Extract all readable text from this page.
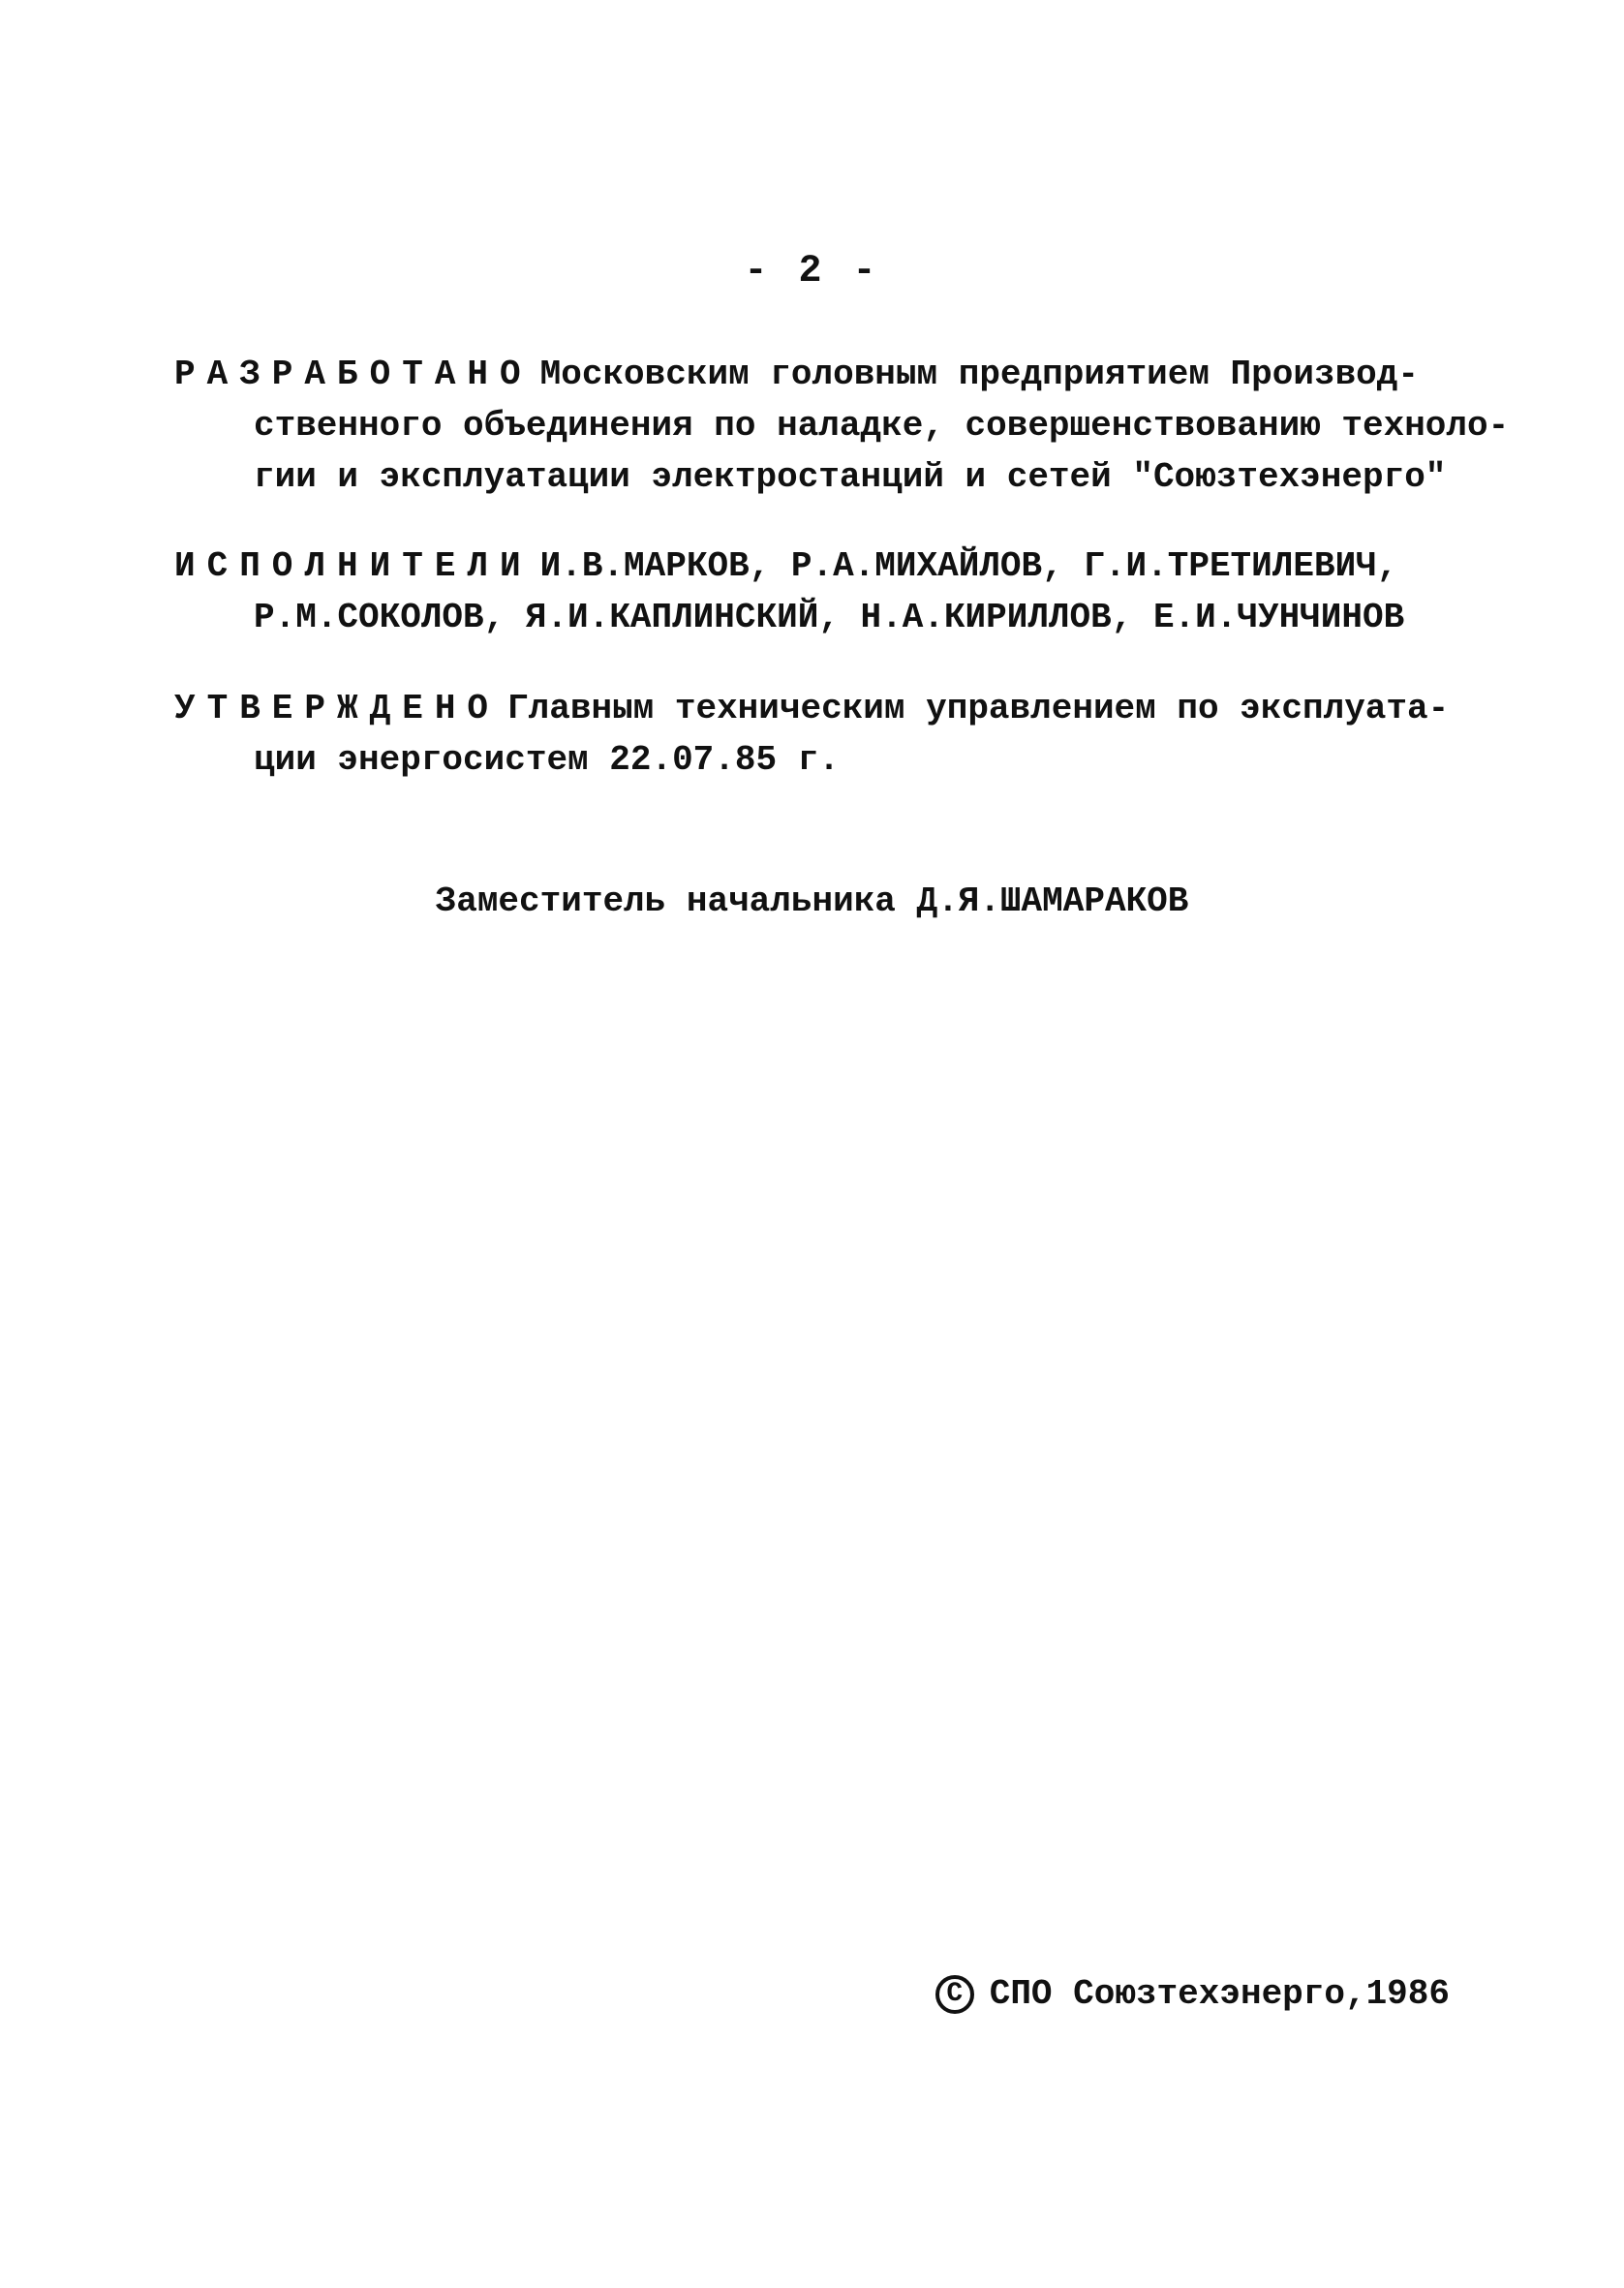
- 2 -
РАЗРАБОТАНО Московским головным предприятием Производ-
ственного объединения по наладке, совершенствованию техноло-
гии и эксплуатации электростанций и сетей "Союзтехэнерго"
ИСПОЛНИТЕЛИ И.В.МАРКОВ, Р.А.МИХАЙЛОВ, Г.И.ТРЕТИЛЕВИЧ,
Р.М.СОКОЛОВ, Я.И.КАПЛИНСКИЙ, Н.А.КИРИЛЛОВ, Е.И.ЧУНЧИНОВ
УТВЕРЖДЕНО Главным техническим управлением по эксплуата-
ции энергосистем 22.07.85 г.
Заместитель начальника Д.Я.ШАМАРАКОВ
C СПО Союзтехэнерго,1986
